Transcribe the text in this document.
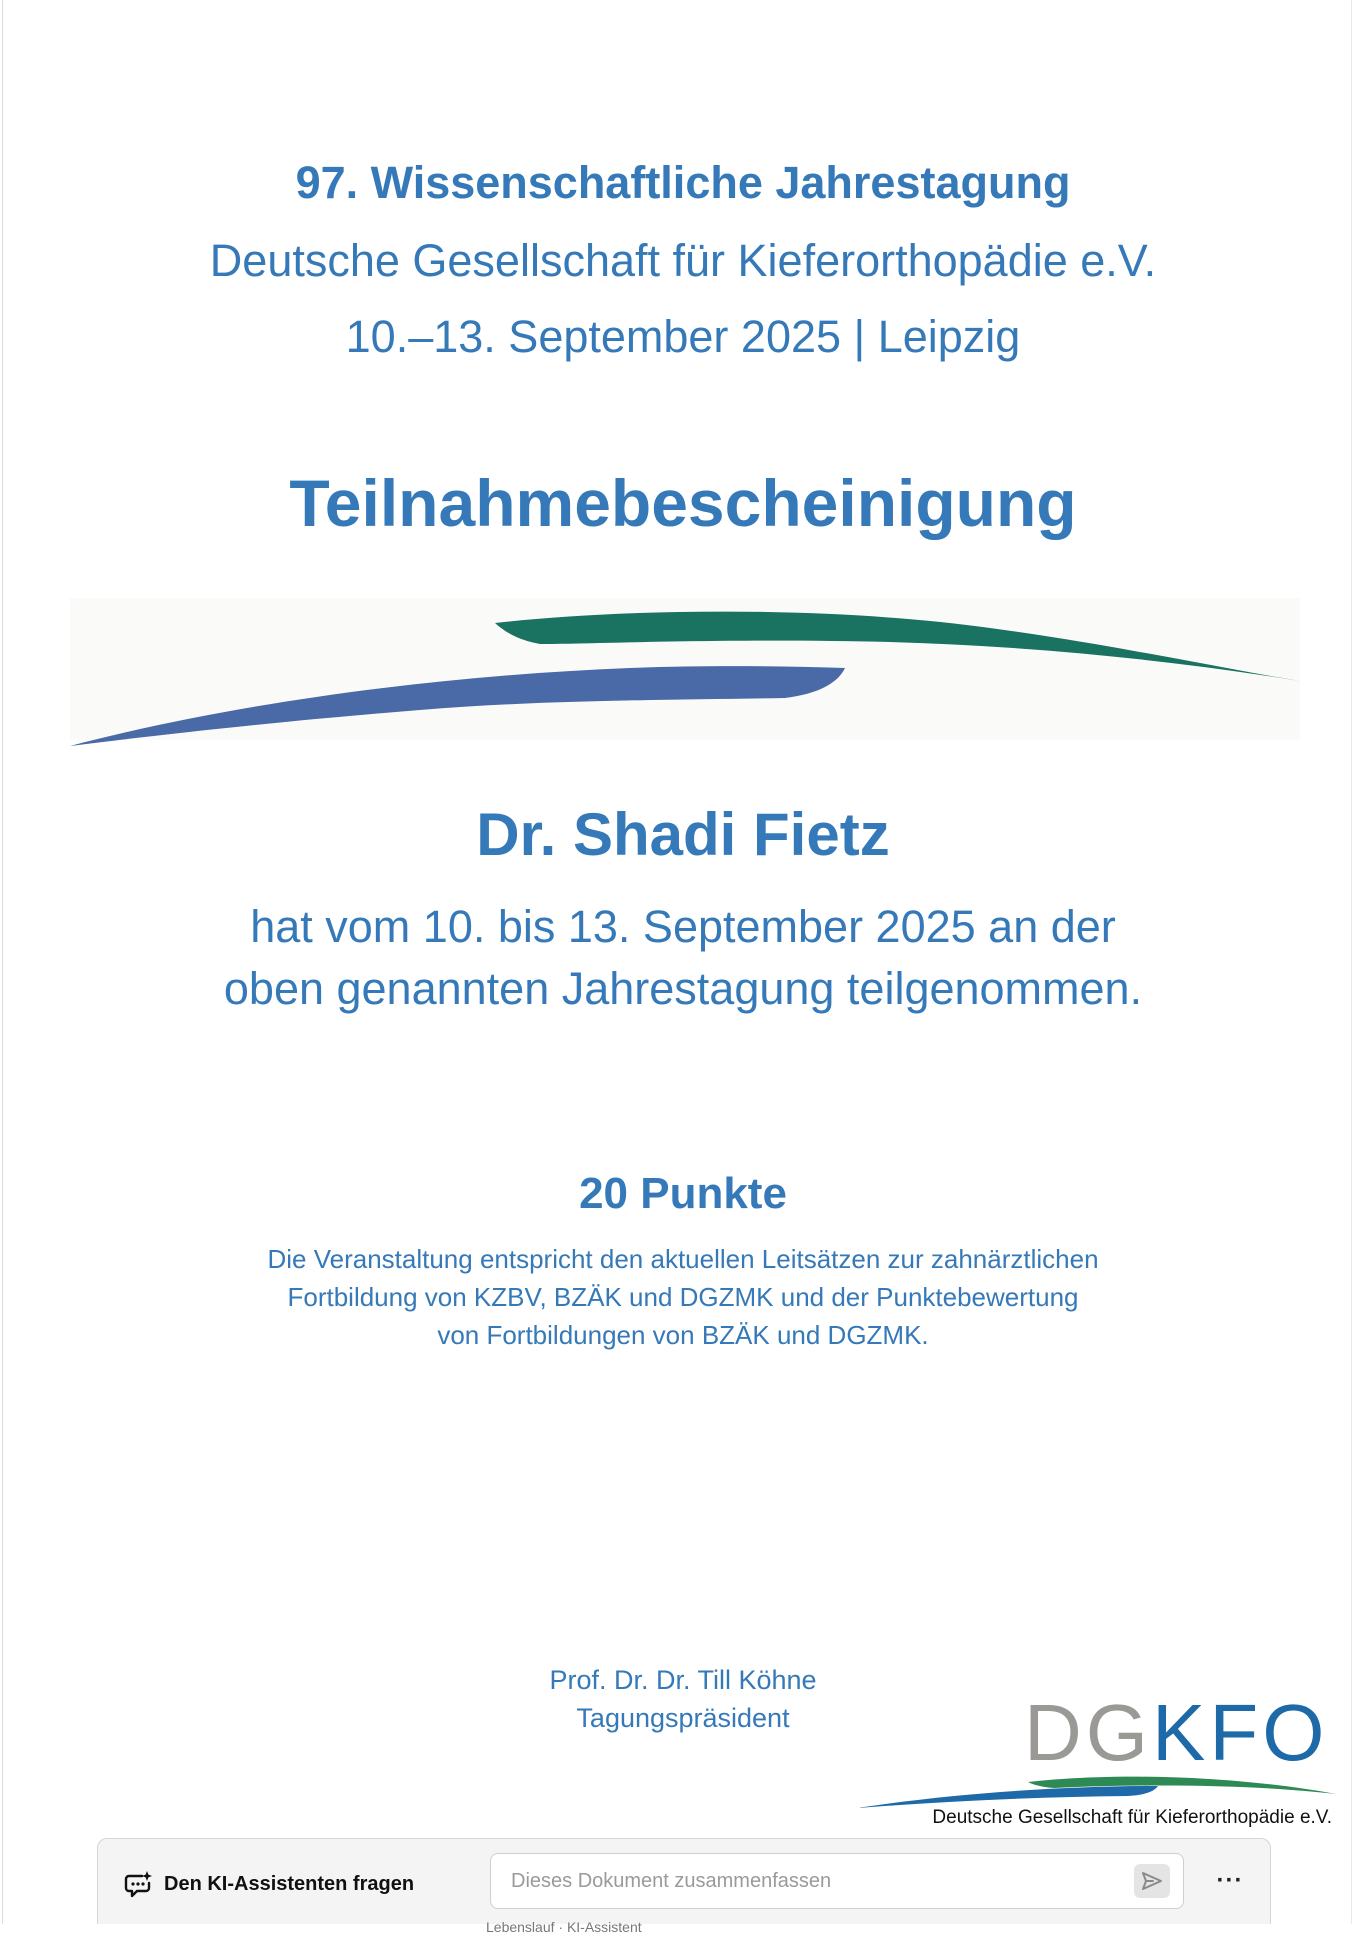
97. Wissenschaftliche Jahrestagung
Deutsche Gesellschaft für Kieferorthopädie e.V.
10.–13. September 2025 | Leipzig
Teilnahmebescheinigung
Dr. Shadi Fietz
hat vom 10. bis 13. September 2025 an der
oben genannten Jahrestagung teilgenommen.
20 Punkte
Die Veranstaltung entspricht den aktuellen Leitsätzen zur zahnärztlichen
Fortbildung von KZBV, BZÄK und DGZMK und der Punktebewertung
von Fortbildungen von BZÄK und DGZMK.
Prof. Dr. Dr. Till Köhne
Tagungspräsident	DGKFO
Deutsche Gesellschaft für Kieferorthopädie e.V.
Den KI-Assistenten fragen
Dieses Dokument zusammenfassen	···
Lebenslauf · KI-Assistent
